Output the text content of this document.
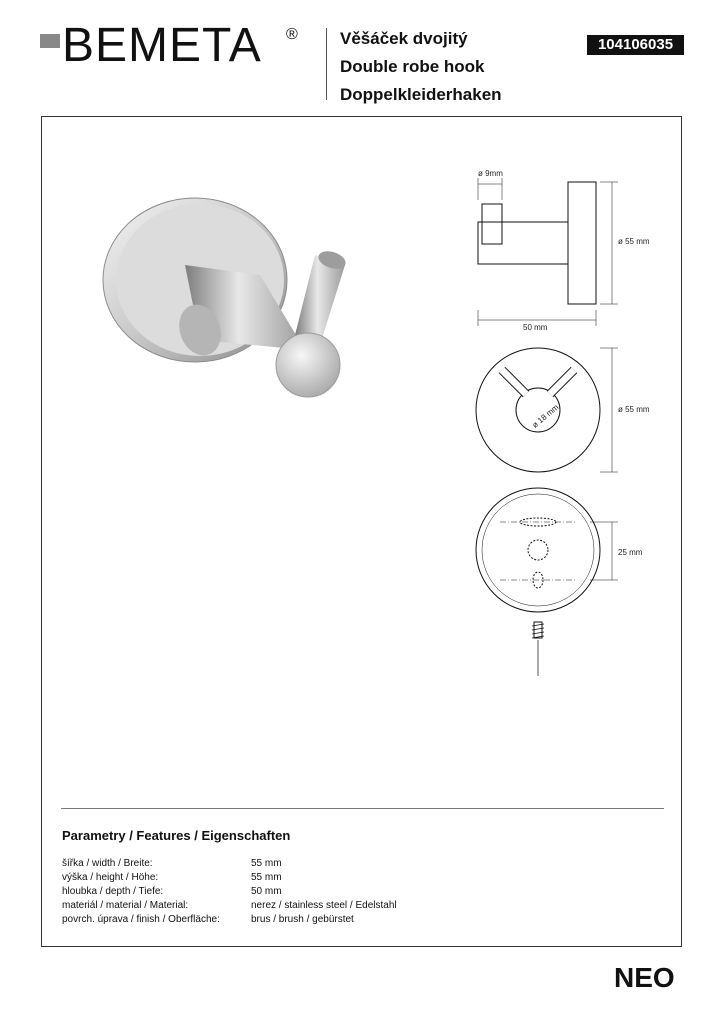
BEMETA ® Věšáček dvojitý
Double robe hook
Doppelkleiderhaken
104106035
ø 9mm
50 mm
ø 55 mm
ø 18 mm	ø 55 mm
25 mm
Parametry / Features / Eigenschaften
šířka / width / Breite:	55 mm
výška / height / Höhe:	55 mm
hloubka / depth / Tiefe:	50 mm
materiál / material / Material:	nerez / stainless steel / Edelstahl
povrch. úprava / finish / Oberfläche:	brus / brush / gebürstet
NEO
